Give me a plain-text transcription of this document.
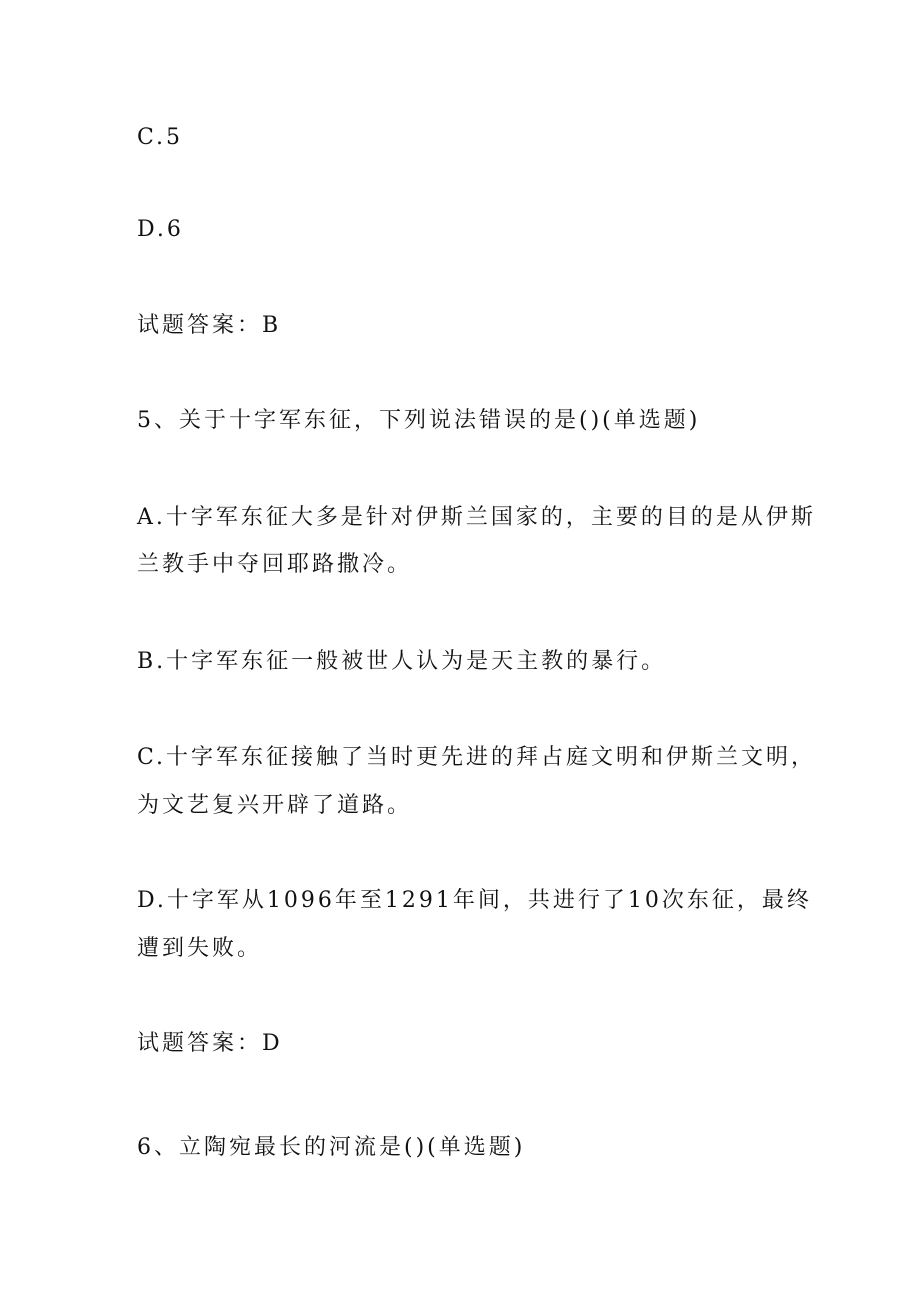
C.5

D.6

试题答案：B

5、关于十字军东征，下列说法错误的是()(单选题)

A.十字军东征大多是针对伊斯兰国家的，主要的目的是从伊斯

兰教手中夺回耶路撒冷。

B.十字军东征一般被世人认为是天主教的暴行。

C.十字军东征接触了当时更先进的拜占庭文明和伊斯兰文明，

为文艺复兴开辟了道路。

D.十字军从1096年至1291年间，共进行了10次东征，最终

遭到失败。

试题答案：D

6、立陶宛最长的河流是()(单选题)
